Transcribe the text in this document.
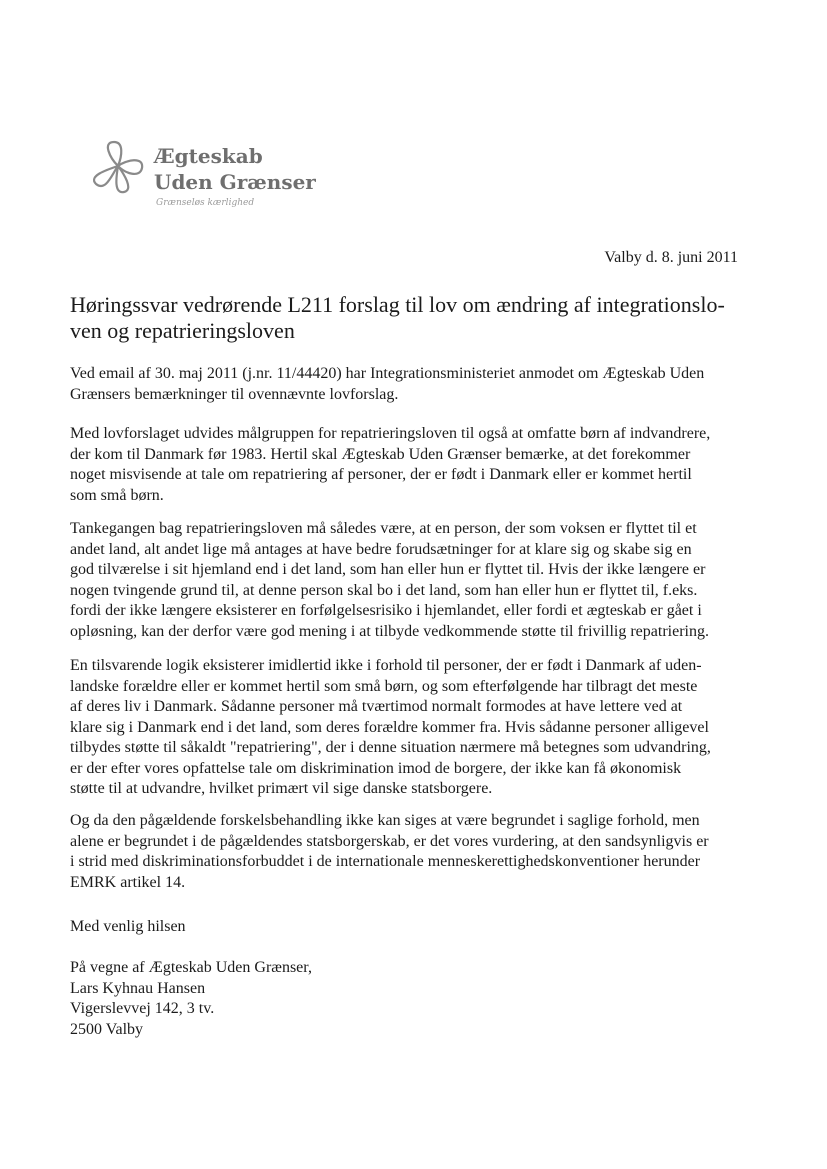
Ægteskab
Uden Grænser
Grænseløs kærlighed
Valby d. 8. juni 2011
Høringssvar vedrørende L211 forslag til lov om ændring af integrationslo-
ven og repatrieringsloven

Ved email af 30. maj 2011 (j.nr. 11/44420) har Integrationsministeriet anmodet om Ægteskab Uden
Grænsers bemærkninger til ovennævnte lovforslag.

Med lovforslaget udvides målgruppen for repatrieringsloven til også at omfatte børn af indvandrere,
der kom til Danmark før 1983. Hertil skal Ægteskab Uden Grænser bemærke, at det forekommer
noget misvisende at tale om repatriering af personer, der er født i Danmark eller er kommet hertil
som små børn.

Tankegangen bag repatrieringsloven må således være, at en person, der som voksen er flyttet til et
andet land, alt andet lige må antages at have bedre forudsætninger for at klare sig og skabe sig en
god tilværelse i sit hjemland end i det land, som han eller hun er flyttet til. Hvis der ikke længere er
nogen tvingende grund til, at denne person skal bo i det land, som han eller hun er flyttet til, f.eks.
fordi der ikke længere eksisterer en forfølgelsesrisiko i hjemlandet, eller fordi et ægteskab er gået i
opløsning, kan der derfor være god mening i at tilbyde vedkommende støtte til frivillig repatriering.

En tilsvarende logik eksisterer imidlertid ikke i forhold til personer, der er født i Danmark af uden-
landske forældre eller er kommet hertil som små børn, og som efterfølgende har tilbragt det meste
af deres liv i Danmark. Sådanne personer må tværtimod normalt formodes at have lettere ved at
klare sig i Danmark end i det land, som deres forældre kommer fra. Hvis sådanne personer alligevel
tilbydes støtte til såkaldt "repatriering", der i denne situation nærmere må betegnes som udvandring,
er der efter vores opfattelse tale om diskrimination imod de borgere, der ikke kan få økonomisk
støtte til at udvandre, hvilket primært vil sige danske statsborgere.

Og da den pågældende forskelsbehandling ikke kan siges at være begrundet i saglige forhold, men
alene er begrundet i de pågældendes statsborgerskab, er det vores vurdering, at den sandsynligvis er
i strid med diskriminationsforbuddet i de internationale menneskerettighedskonventioner herunder
EMRK artikel 14.

Med venlig hilsen
På vegne af Ægteskab Uden Grænser,
Lars Kyhnau Hansen
Vigerslevvej 142, 3 tv.
2500 Valby
